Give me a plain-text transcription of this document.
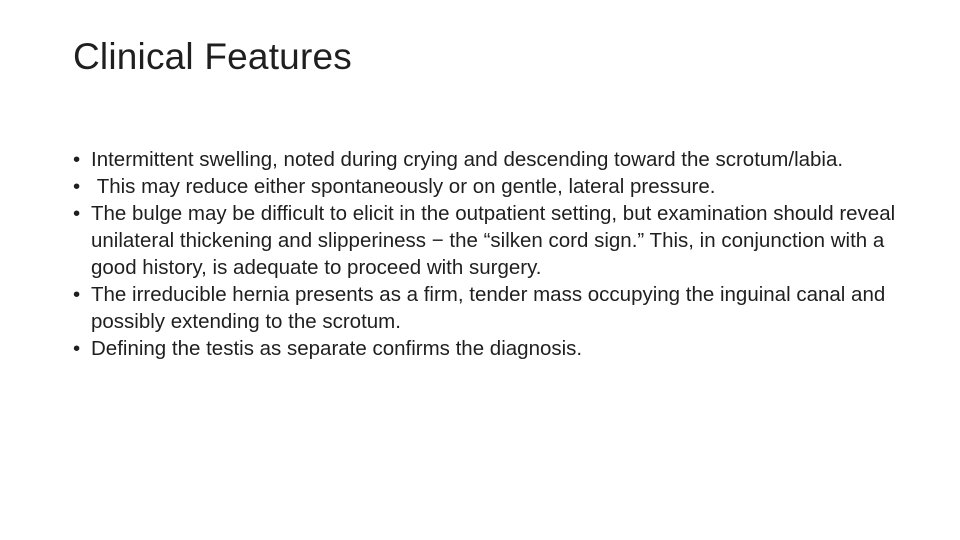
Clinical Features
• Intermittent swelling, noted during crying and descending toward the scrotum/labia.
• This may reduce either spontaneously or on gentle, lateral pressure.
• The bulge may be difficult to elicit in the outpatient setting, but examination should reveal unilateral thickening and slipperiness − the “silken cord sign.” This, in conjunction with a good history, is adequate to proceed with surgery.
• The irreducible hernia presents as a firm, tender mass occupying the inguinal canal and possibly extending to the scrotum.
• Defining the testis as separate confirms the diagnosis.
